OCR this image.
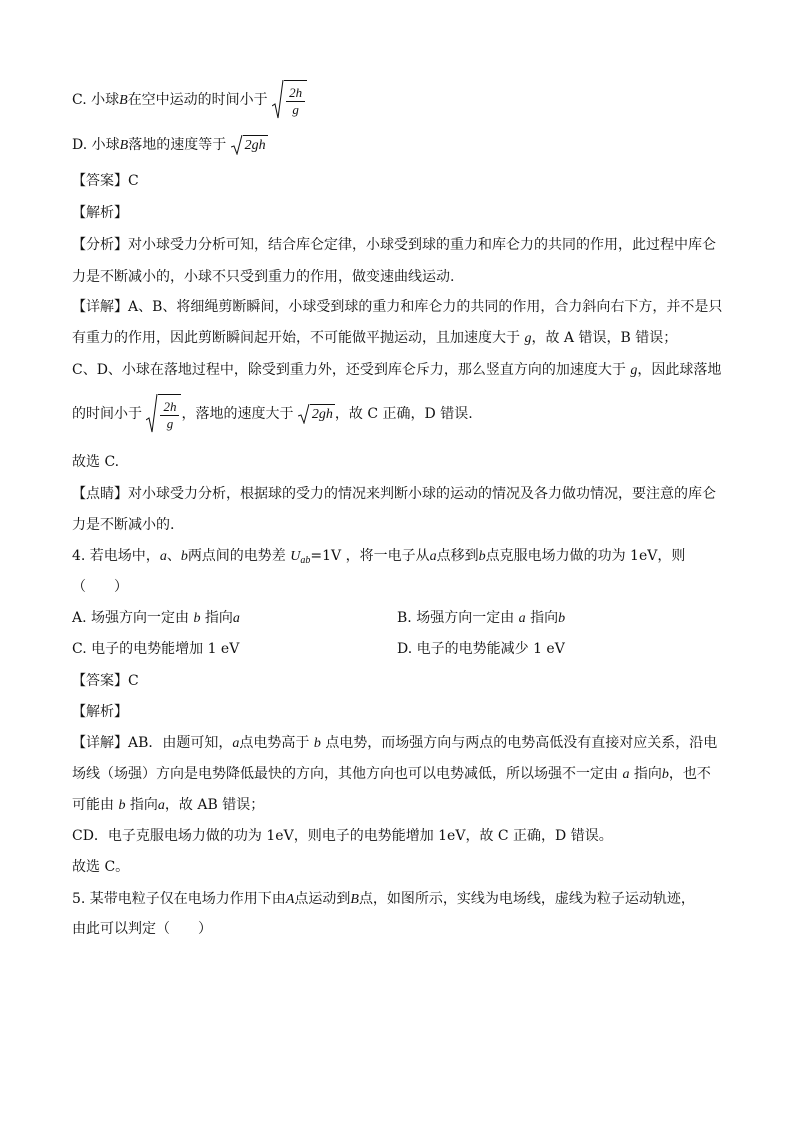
C. 小球B在空中运动的时间小于 $\frac{2h}{g}$
D. 小球B落地的速度等于 2gh
【答案】C
【解析】
【分析】对小球受力分析可知，结合库仑定律，小球受到球的重力和库仑力的共同的作用，此过程中库仑
力是不断减小的，小球不只受到重力的作用，做变速曲线运动.
【详解】A、B、将细绳剪断瞬间，小球受到球的重力和库仑力的共同的作用，合力斜向右下方，并不是只
有重力的作用，因此剪断瞬间起开始，不可能做平抛运动，且加速度大于 g，故 A 错误，B 错误；
C、D、小球在落地过程中，除受到重力外，还受到库仑斥力，那么竖直方向的加速度大于 g，因此球落地
的时间小于 $\frac{2h}{g}$ ，落地的速度大于 2gh ，故 C 正确，D 错误.
故选 C.
【点睛】对小球受力分析，根据球的受力的情况来判断小球的运动的情况及各力做功情况，要注意的库仑
力是不断减小的.
4. 若电场中，a、b两点间的电势差 $U_{ab}=1V$ ，将一电子从a点移到b点克服电场力做的功为 1eV，则
（　　）
A. 场强方向一定由 b 指向a	B. 场强方向一定由 a 指向b
C. 电子的电势能增加 1 eV	D. 电子的电势能减少 1 eV
【答案】C
【解析】
【详解】AB．由题可知，a点电势高于 b 点电势，而场强方向与两点的电势高低没有直接对应关系，沿电
场线（场强）方向是电势降低最快的方向，其他方向也可以电势减低，所以场强不一定由 a 指向b，也不
可能由 b 指向a，故 AB 错误；
CD．电子克服电场力做的功为 1eV，则电子的电势能增加 1eV，故 C 正确，D 错误。
故选 C。
5. 某带电粒子仅在电场力作用下由A点运动到B点，如图所示，实线为电场线，虚线为粒子运动轨迹，
由此可以判定（　　）
